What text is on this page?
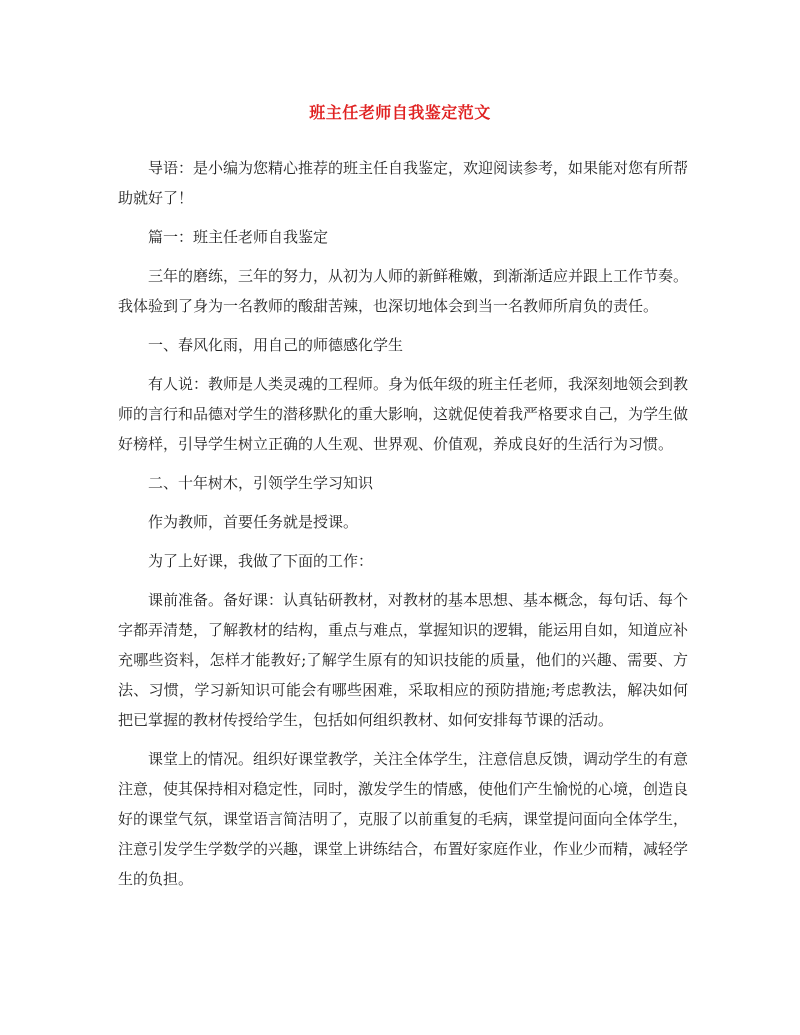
班主任老师自我鉴定范文

导语：是小编为您精心推荐的班主任自我鉴定，欢迎阅读参考，如果能对您有所帮助就好了！

篇一：班主任老师自我鉴定

三年的磨练，三年的努力，从初为人师的新鲜稚嫩，到渐渐适应并跟上工作节奏。我体验到了身为一名教师的酸甜苦辣，也深切地体会到当一名教师所肩负的责任。

一、春风化雨，用自己的师德感化学生

有人说：教师是人类灵魂的工程师。身为低年级的班主任老师，我深刻地领会到教师的言行和品德对学生的潜移默化的重大影响，这就促使着我严格要求自己，为学生做好榜样，引导学生树立正确的人生观、世界观、价值观，养成良好的生活行为习惯。

二、十年树木，引领学生学习知识

作为教师，首要任务就是授课。

为了上好课，我做了下面的工作：

课前准备。备好课：认真钻研教材，对教材的基本思想、基本概念，每句话、每个字都弄清楚，了解教材的结构，重点与难点，掌握知识的逻辑，能运用自如，知道应补充哪些资料，怎样才能教好;了解学生原有的知识技能的质量，他们的兴趣、需要、方法、习惯，学习新知识可能会有哪些困难，采取相应的预防措施;考虑教法，解决如何把已掌握的教材传授给学生，包括如何组织教材、如何安排每节课的活动。

课堂上的情况。组织好课堂教学，关注全体学生，注意信息反馈，调动学生的有意注意，使其保持相对稳定性，同时，激发学生的情感，使他们产生愉悦的心境，创造良好的课堂气氛，课堂语言简洁明了，克服了以前重复的毛病，课堂提问面向全体学生，注意引发学生学数学的兴趣，课堂上讲练结合，布置好家庭作业，作业少而精，减轻学生的负担。
